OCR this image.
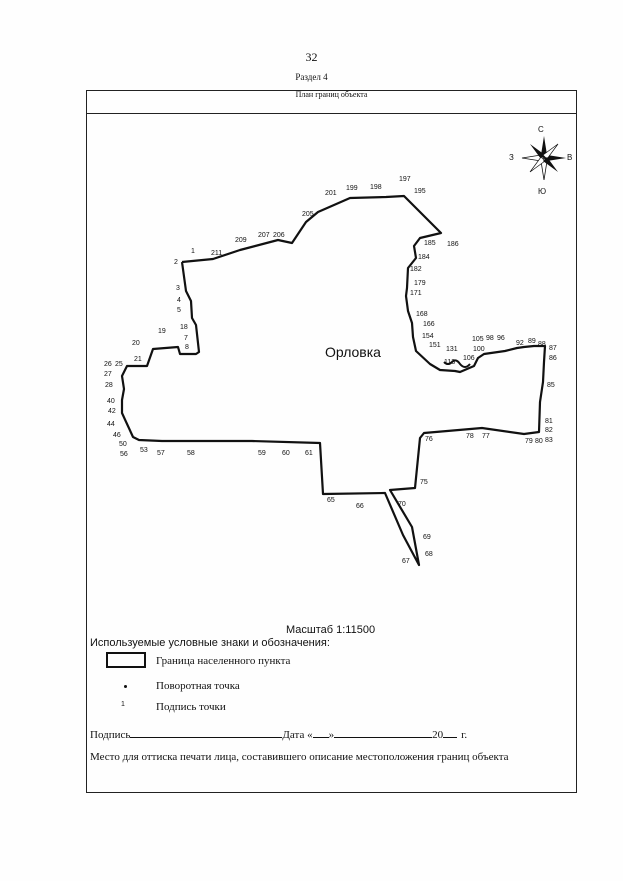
32
Раздел 4
План границ объекта
1
2
3
4
5
7
8
18
19
20
21
25
26
27
28
40
42
44
46
50
53
56	57	58	59 60 61
65
66
67
68
69
70
75
76	77
78
79 80
81
82
83
85
86
87
88
89
92
96
98
100
105
106
113
131
151
154
166
168
171
179
182
184
185 186
195
197
198
199
201
205
206
207
209
211
Орловка
С
Ю
З	В
Масштаб 1:11500
Используемые условные знаки и обозначения:
Граница населенного пункта
Поворотная точка
1	Подпись точки
Подпись	Дата « »	20 г.
Место для оттиска печати лица, составившего описание местоположения границ объекта
